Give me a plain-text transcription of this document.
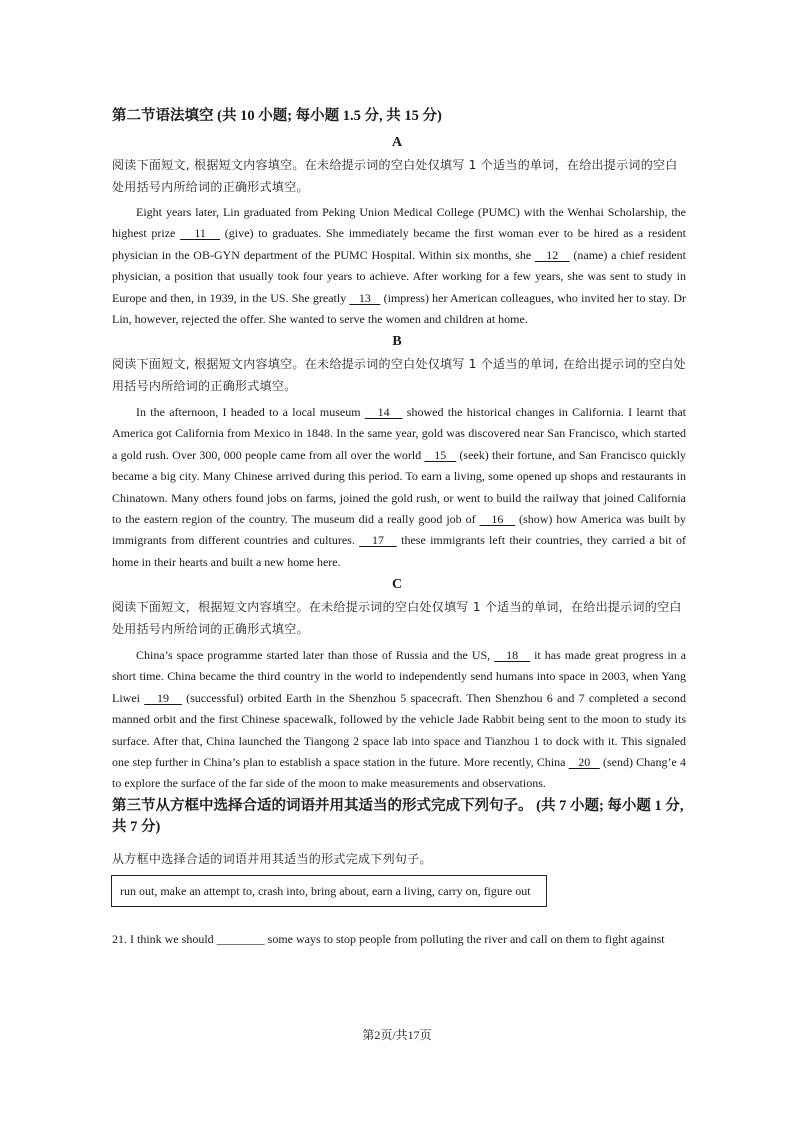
第二节语法填空 (共 10 小题; 每小题 1.5 分, 共 15 分)
A
阅读下面短文, 根据短文内容填空。在未给提示词的空白处仅填写 1 个适当的单词，在给出提示词的空白处用括号内所给词的正确形式填空。
Eight years later, Lin graduated from Peking Union Medical College (PUMC) with the Wenhai Scholarship, the highest prize    11    (give) to graduates. She immediately became the first woman ever to be hired as a resident physician in the OB-GYN department of the PUMC Hospital. Within six months, she    12    (name) a chief resident physician, a position that usually took four years to achieve. After working for a few years, she was sent to study in Europe and then, in 1939, in the US. She greatly    13    (impress) her American colleagues, who invited her to stay. Dr Lin, however, rejected the offer. She wanted to serve the women and children at home.
B
阅读下面短文, 根据短文内容填空。在未给提示词的空白处仅填写 1 个适当的单词, 在给出提示词的空白处用括号内所给词的正确形式填空。
In the afternoon, I headed to a local museum    14    showed the historical changes in California. I learnt that America got California from Mexico in 1848. In the same year, gold was discovered near San Francisco, which started a gold rush. Over 300, 000 people came from all over the world    15    (seek) their fortune, and San Francisco quickly became a big city. Many Chinese arrived during this period. To earn a living, some opened up shops and restaurants in Chinatown. Many others found jobs on farms, joined the gold rush, or went to build the railway that joined California to the eastern region of the country. The museum did a really good job of    16    (show) how America was built by immigrants from different countries and cultures.    17    these immigrants left their countries, they carried a bit of home in their hearts and built a new home here.
C
阅读下面短文，根据短文内容填空。在未给提示词的空白处仅填写 1 个适当的单词，在给出提示词的空白处用括号内所给词的正确形式填空。
China’s space programme started later than those of Russia and the US,    18    it has made great progress in a short time. China became the third country in the world to independently send humans into space in 2003, when Yang Liwei    19    (successful) orbited Earth in the Shenzhou 5 spacecraft. Then Shenzhou 6 and 7 completed a second manned orbit and the first Chinese spacewalk, followed by the vehicle Jade Rabbit being sent to the moon to study its surface. After that, China launched the Tiangong 2 space lab into space and Tianzhou 1 to dock with it. This signaled one step further in China’s plan to establish a space station in the future. More recently, China    20    (send) Chang’e 4 to explore the surface of the far side of the moon to make measurements and observations.
第三节从方框中选择合适的词语并用其适当的形式完成下列句子。 (共 7 小题; 每小题 1 分, 共 7 分)
从方框中选择合适的词语并用其适当的形式完成下列句子。
run out, make an attempt to, crash into, bring about, earn a living, carry on, figure out
21. I think we should ________ some ways to stop people from polluting the river and call on them to fight against
第2页/共17页
